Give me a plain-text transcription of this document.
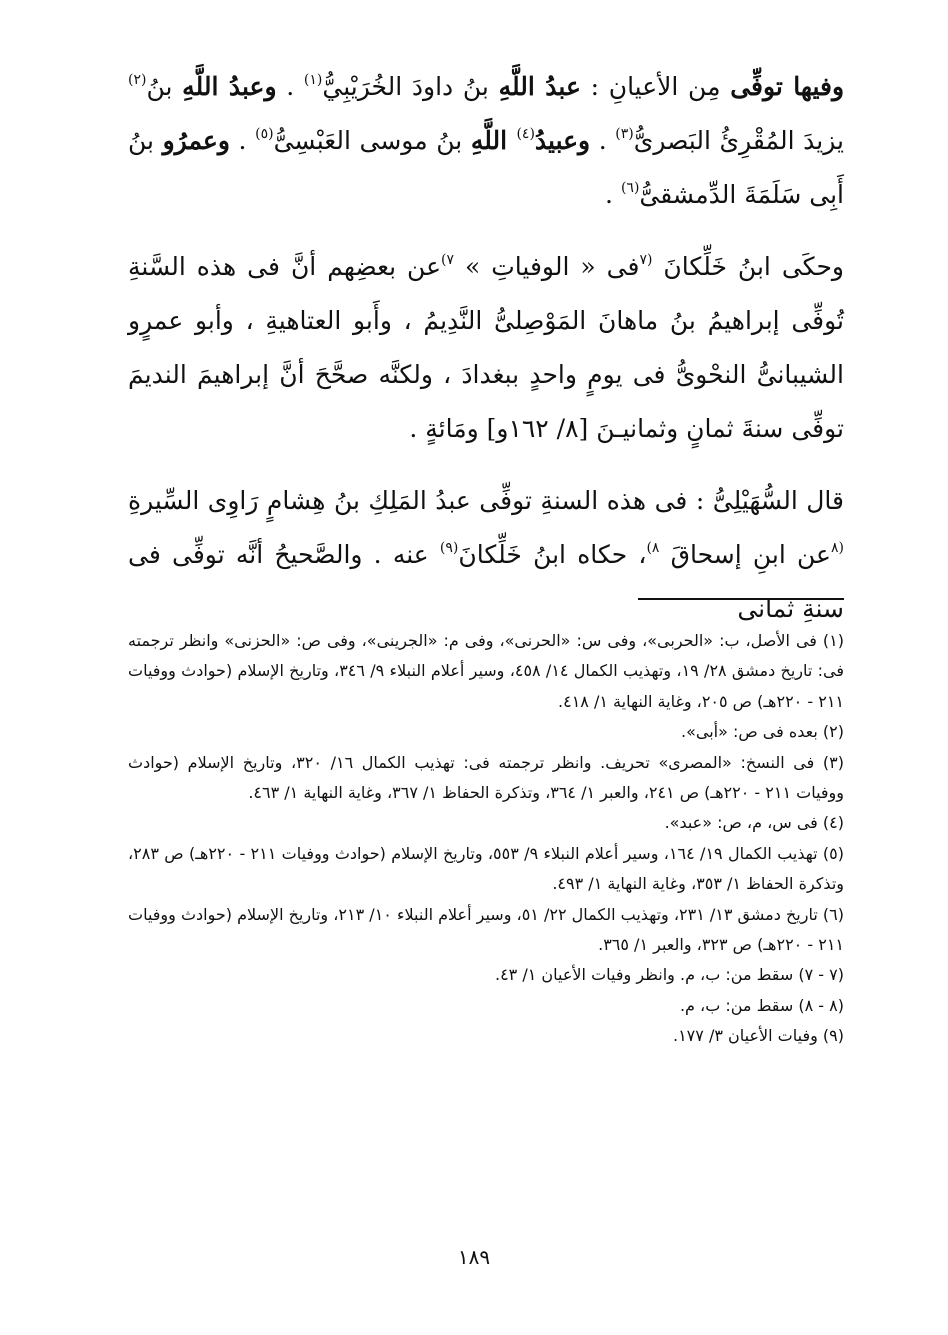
وفيها توفِّى مِن الأعيانِ : عبدُ اللَّهِ بنُ داودَ الخُرَيْبِيُّ$^{(١)}$ . وعبدُ اللَّهِ بنُ$^{(٢)}$ يزيدَ المُقْرِئُ البَصرىُّ$^{(٣)}$ . وعبيدُ$^{(٤)}$ اللَّهِ بنُ موسى العَبْسِىُّ$^{(٥)}$ . وعمرُو بنُ أَبِى سَلَمَةَ الدِّمشقىُّ$^{(٦)}$ .

وحكَى ابنُ خَلِّكانَ $^{(٧}$فى « الوفياتِ » $^{٧)}$عن بعضِهم أنَّ فى هذه السَّنةِ تُوفِّى إبراهيمُ بنُ ماهانَ المَوْصِلىُّ النَّدِيمُ ، وأَبو العتاهيةِ ، وأبو عمرٍو الشيبانىُّ النحْوىُّ فى يومٍ واحدٍ ببغدادَ ، ولكنَّه صحَّحَ أنَّ إبراهيمَ النديمَ توفِّى سنةَ ثمانٍ وثمانيـنَ [٨/ ١٦٢و] ومَائةٍ .

قال السُّهَيْلِىُّ : فى هذه السنةِ توفِّى عبدُ المَلِكِ بنُ هِشامٍ رَاوِى السِّيرةِ $^{(٨}$عن ابنِ إسحاقَ $^{٨)}$، حكاه ابنُ خَلِّكانَ$^{(٩)}$ عنه . والصَّحيحُ أنَّه توفِّى فى سنةِ ثمانى

(١) فى الأصل، ب: «الحربى»، وفى س: «الحرنى»، وفى م: «الجرينى»، وفى ص: «الحزنى» وانظر ترجمته فى: تاريخ دمشق ٢٨/ ١٩، وتهذيب الكمال ١٤/ ٤٥٨، وسير أعلام النبلاء ٩/ ٣٤٦، وتاريخ الإسلام (حوادث ووفيات ٢١١ - ٢٢٠هـ) ص ٢٠٥، وغاية النهاية ١/ ٤١٨.

(٢) بعده فى ص: «أبى».

(٣) فى النسخ: «المصرى» تحريف. وانظر ترجمته فى: تهذيب الكمال ١٦/ ٣٢٠، وتاريخ الإسلام (حوادث ووفيات ٢١١ - ٢٢٠هـ) ص ٢٤١، والعبر ١/ ٣٦٤، وتذكرة الحفاظ ١/ ٣٦٧، وغاية النهاية ١/ ٤٦٣.

(٤) فى س، م، ص: «عبد».

(٥) تهذيب الكمال ١٩/ ١٦٤، وسير أعلام النبلاء ٩/ ٥٥٣، وتاريخ الإسلام (حوادث ووفيات ٢١١ - ٢٢٠هـ) ص ٢٨٣، وتذكرة الحفاظ ١/ ٣٥٣، وغاية النهاية ١/ ٤٩٣.

(٦) تاريخ دمشق ١٣/ ٢٣١، وتهذيب الكمال ٢٢/ ٥١، وسير أعلام النبلاء ١٠/ ٢١٣، وتاريخ الإسلام (حوادث ووفيات ٢١١ - ٢٢٠هـ) ص ٣٢٣، والعبر ١/ ٣٦٥.

(٧ - ٧) سقط من: ب، م. وانظر وفيات الأعيان ١/ ٤٣.

(٨ - ٨) سقط من: ب، م.

(٩) وفيات الأعيان ٣/ ١٧٧.

١٨٩
